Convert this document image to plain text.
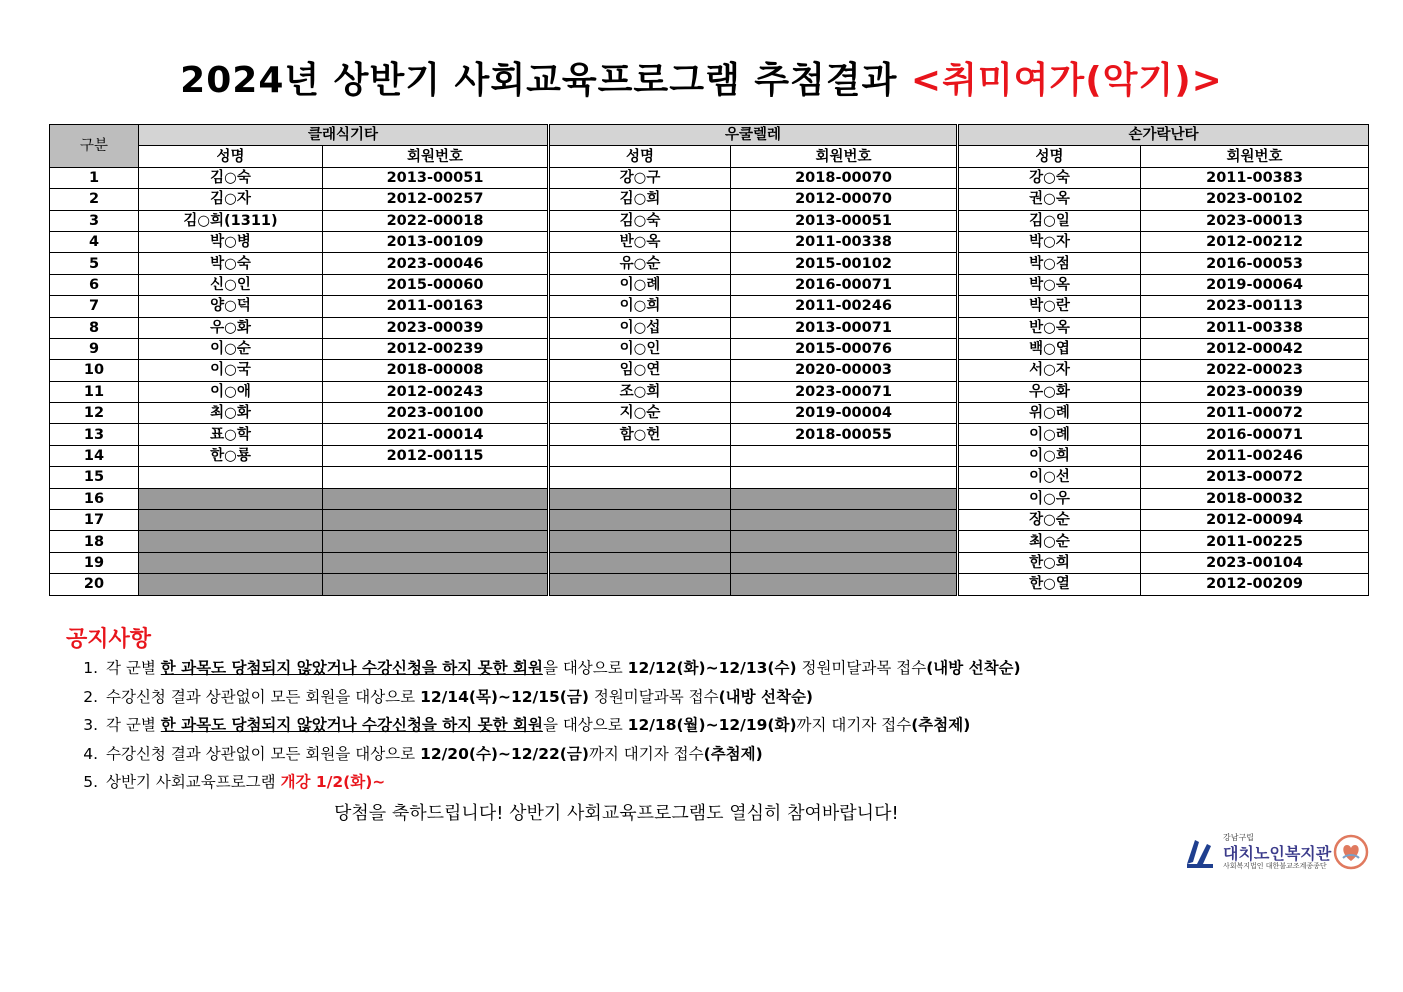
2024년 상반기 사회교육프로그램 추첨결과 <취미여가(악기)>
구분	클래식기타		우쿨렐레		손가락난타	
	성명	회원번호	성명	회원번호	성명	회원번호
1	김○숙	2013-00051	강○구	2018-00070	강○숙	2011-00383
2	김○자	2012-00257	김○희	2012-00070	권○옥	2023-00102
3	김○희(1311)	2022-00018	김○숙	2013-00051	김○일	2023-00013
4	박○병	2013-00109	반○옥	2011-00338	박○자	2012-00212
5	박○숙	2023-00046	유○순	2015-00102	박○점	2016-00053
6	신○인	2015-00060	이○례	2016-00071	박○옥	2019-00064
7	양○덕	2011-00163	이○희	2011-00246	박○란	2023-00113
8	우○화	2023-00039	이○섭	2013-00071	반○옥	2011-00338
9	이○순	2012-00239	이○인	2015-00076	백○엽	2012-00042
10	이○국	2018-00008	임○연	2020-00003	서○자	2022-00023
11	이○애	2012-00243	조○희	2023-00071	우○화	2023-00039
12	최○화	2023-00100	지○순	2019-00004	위○례	2011-00072
13	표○학	2021-00014	함○헌	2018-00055	이○례	2016-00071
14	한○룡	2012-00115			이○희	2011-00246
15					이○선	2013-00072
16					이○우	2018-00032
17					장○순	2012-00094
18					최○순	2011-00225
19					한○희	2023-00104
20					한○열	2012-00209
공지사항
1. 각 군별 한 과목도 당첨되지 않았거나 수강신청을 하지 못한 회원을 대상으로 12/12(화)~12/13(수) 정원미달과목 접수(내방 선착순)
2. 수강신청 결과 상관없이 모든 회원을 대상으로 12/14(목)~12/15(금) 정원미달과목 접수(내방 선착순)
3. 각 군별 한 과목도 당첨되지 않았거나 수강신청을 하지 못한 회원을 대상으로 12/18(월)~12/19(화)까지 대기자 접수(추첨제)
4. 수강신청 결과 상관없이 모든 회원을 대상으로 12/20(수)~12/22(금)까지 대기자 접수(추첨제)
5. 상반기 사회교육프로그램 개강 1/2(화)~
당첨을 축하드립니다! 상반기 사회교육프로그램도 열심히 참여바랍니다!
강남구립
대치노인복지관
사회복지법인 대한불교조계종종단
